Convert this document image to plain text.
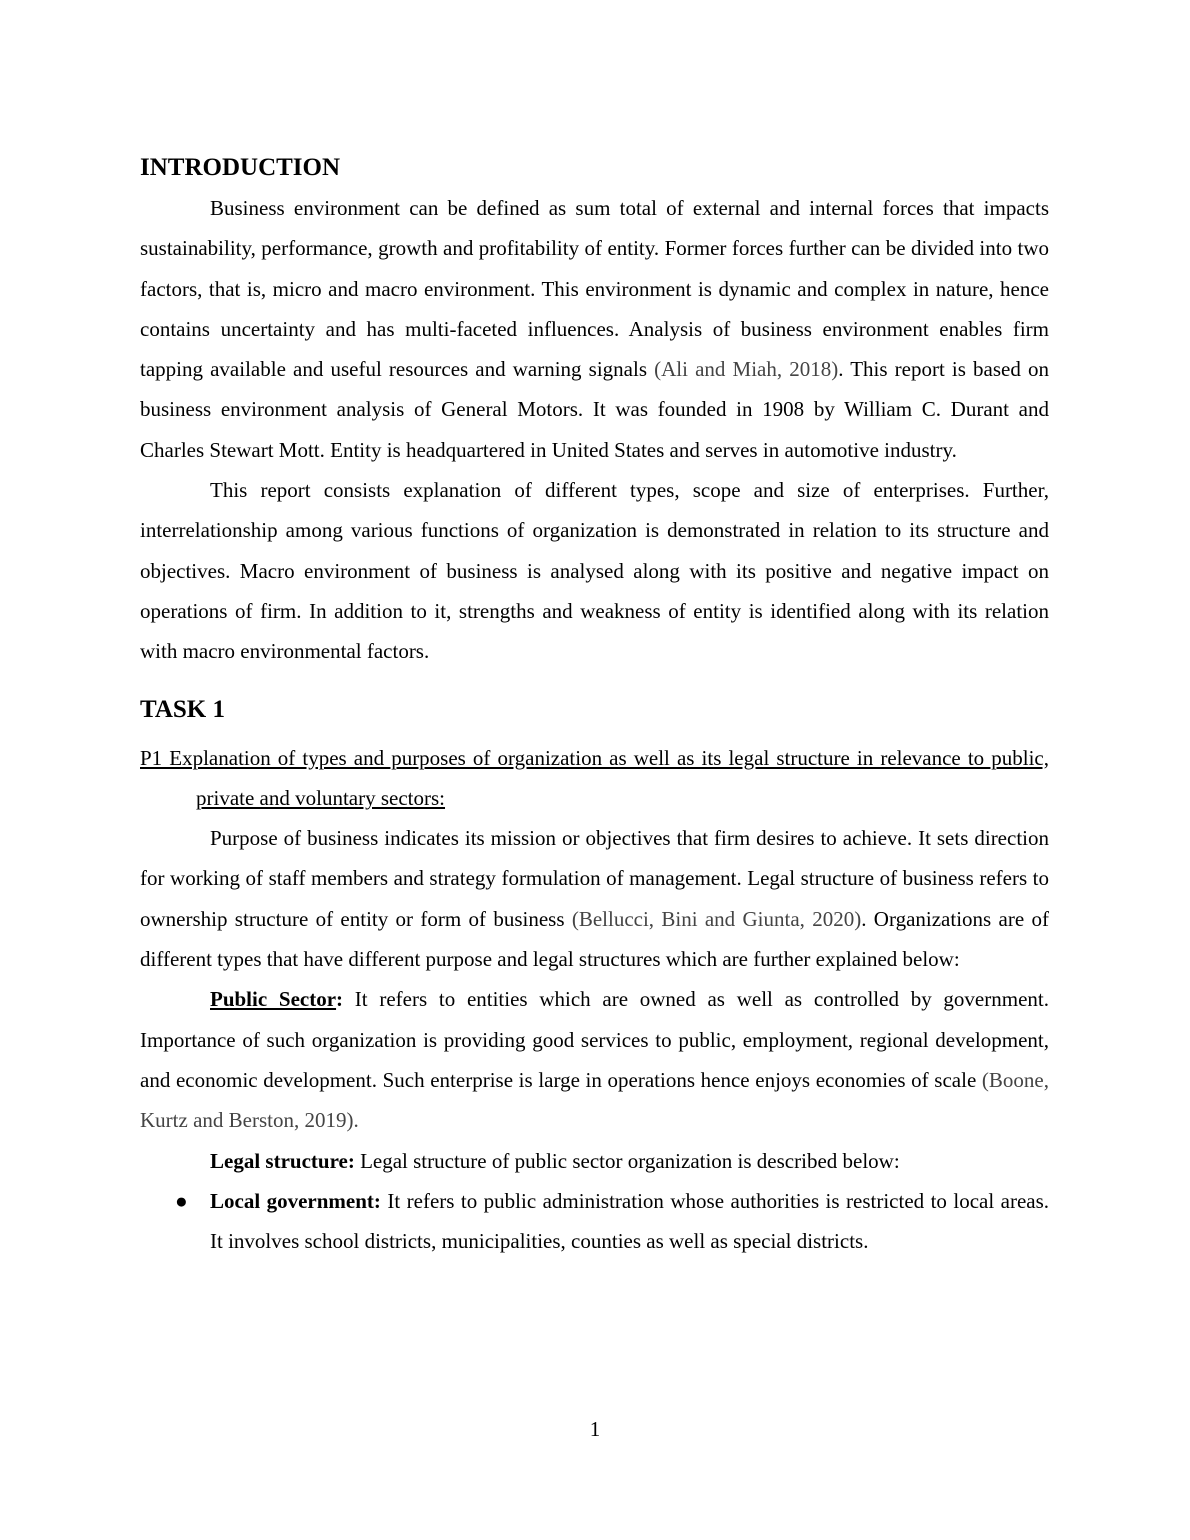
INTRODUCTION

Business environment can be defined as sum total of external and internal forces that impacts sustainability, performance, growth and profitability of entity. Former forces further can be divided into two factors, that is, micro and macro environment. This environment is dynamic and complex in nature, hence contains uncertainty and has multi-faceted influences. Analysis of business environment enables firm tapping available and useful resources and warning signals (Ali and Miah, 2018). This report is based on business environment analysis of General Motors. It was founded in 1908 by William C. Durant and Charles Stewart Mott. Entity is headquartered in United States and serves in automotive industry.

This report consists explanation of different types, scope and size of enterprises. Further, interrelationship among various functions of organization is demonstrated in relation to its structure and objectives. Macro environment of business is analysed along with its positive and negative impact on operations of firm. In addition to it, strengths and weakness of entity is identified along with its relation with macro environmental factors.

TASK 1

P1 Explanation of types and purposes of organization as well as its legal structure in relevance to public, private and voluntary sectors:

Purpose of business indicates its mission or objectives that firm desires to achieve. It sets direction for working of staff members and strategy formulation of management. Legal structure of business refers to ownership structure of entity or form of business (Bellucci, Bini and Giunta, 2020). Organizations are of different types that have different purpose and legal structures which are further explained below:

Public Sector: It refers to entities which are owned as well as controlled by government. Importance of such organization is providing good services to public, employment, regional development, and economic development. Such enterprise is large in operations hence enjoys economies of scale (Boone, Kurtz and Berston, 2019).

Legal structure: Legal structure of public sector organization is described below:

● Local government: It refers to public administration whose authorities is restricted to local areas. It involves school districts, municipalities, counties as well as special districts.
1
